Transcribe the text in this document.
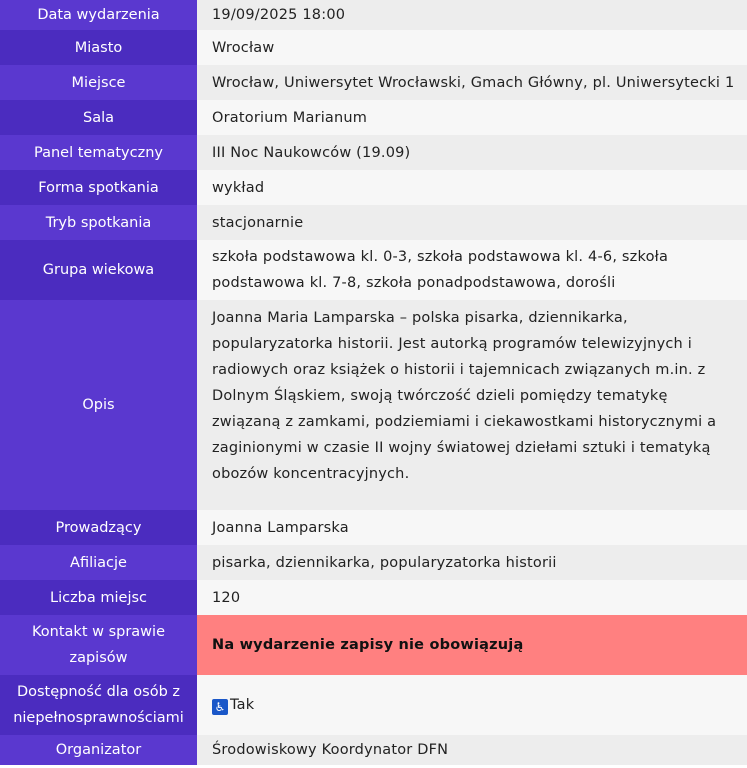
Data wydarzenia	19/09/2025 18:00
Miasto	Wrocław
Miejsce	Wrocław, Uniwersytet Wrocławski, Gmach Główny, pl. Uniwersytecki 1
Sala	Oratorium Marianum
Panel tematyczny	III Noc Naukowców (19.09)
Forma spotkania	wykład
Tryb spotkania	stacjonarnie
Grupa wiekowa	szkoła podstawowa kl. 0-3, szkoła podstawowa kl. 4-6, szkoła podstawowa kl. 7-8, szkoła ponadpodstawowa, dorośli
Opis	Joanna Maria Lamparska – polska pisarka, dziennikarka, popularyzatorka historii. Jest autorką programów telewizyjnych i radiowych oraz książek o historii i tajemnicach związanych m.in. z Dolnym Śląskiem, swoją twórczość dzieli pomiędzy tematykę związaną z zamkami, podziemiami i ciekawostkami historycznymi a zaginionymi w czasie II wojny światowej dziełami sztuki i tematyką obozów koncentracyjnych.
Prowadzący	Joanna Lamparska
Afiliacje	pisarka, dziennikarka, popularyzatorka historii
Liczba miejsc	120
Kontakt w sprawie zapisów	Na wydarzenie zapisy nie obowiązują
Dostępność dla osób z niepełnosprawnościami	♿ Tak
Organizator	Środowiskowy Koordynator DFN
